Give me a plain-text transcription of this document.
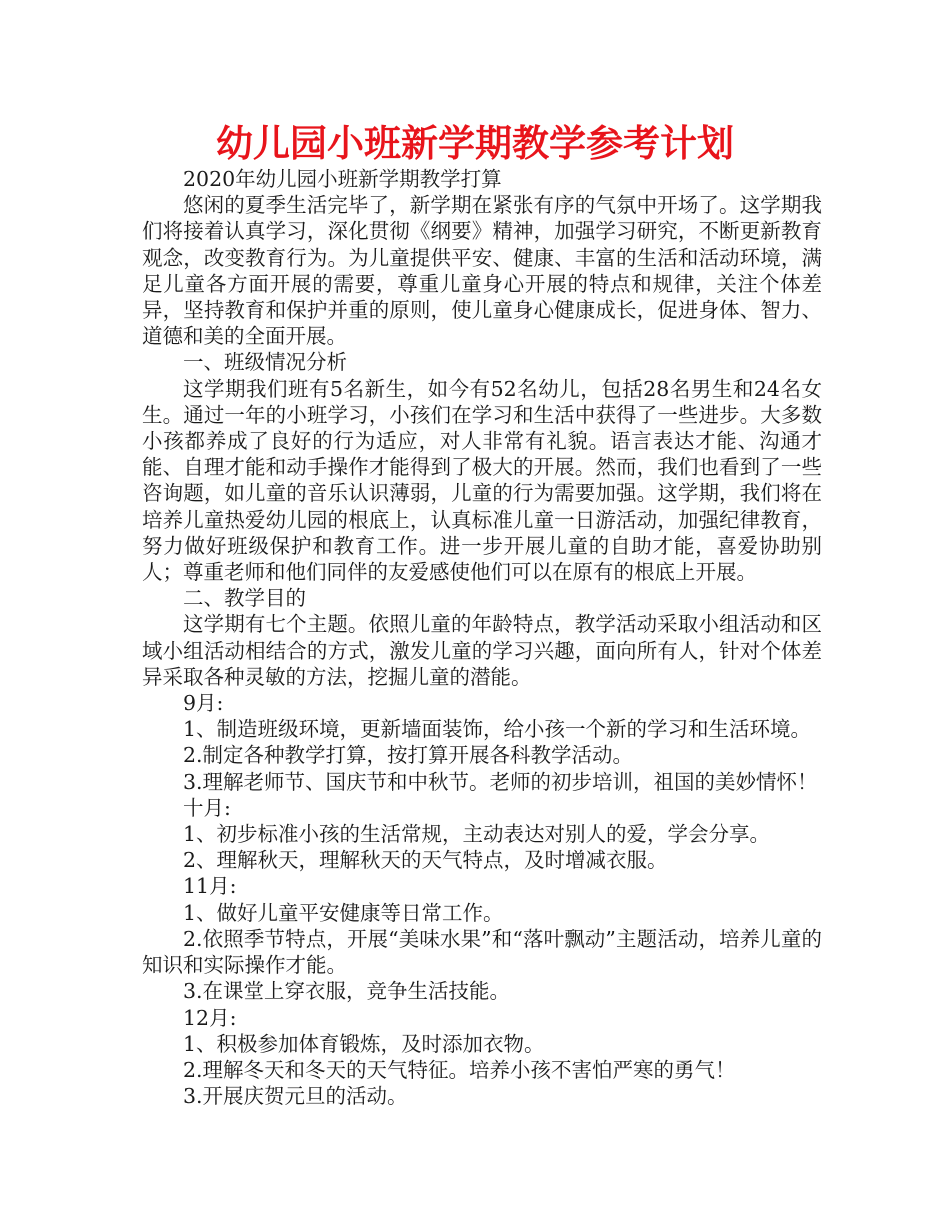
幼儿园小班新学期教学参考计划

2020年幼儿园小班新学期教学打算

悠闲的夏季生活完毕了，新学期在紧张有序的气氛中开场了。这学期我们将接着认真学习，深化贯彻《纲要》精神，加强学习研究，不断更新教育观念，改变教育行为。为儿童提供平安、健康、丰富的生活和活动环境，满足儿童各方面开展的需要，尊重儿童身心开展的特点和规律，关注个体差异，坚持教育和保护并重的原则，使儿童身心健康成长，促进身体、智力、道德和美的全面开展。

一、班级情况分析

这学期我们班有5名新生，如今有52名幼儿，包括28名男生和24名女生。通过一年的小班学习，小孩们在学习和生活中获得了一些进步。大多数小孩都养成了良好的行为适应，对人非常有礼貌。语言表达才能、沟通才能、自理才能和动手操作才能得到了极大的开展。然而，我们也看到了一些咨询题，如儿童的音乐认识薄弱，儿童的行为需要加强。这学期，我们将在培养儿童热爱幼儿园的根底上，认真标准儿童一日游活动，加强纪律教育，努力做好班级保护和教育工作。进一步开展儿童的自助才能，喜爱协助别人；尊重老师和他们同伴的友爱感使他们可以在原有的根底上开展。

二、教学目的

这学期有七个主题。依照儿童的年龄特点，教学活动采取小组活动和区域小组活动相结合的方式，激发儿童的学习兴趣，面向所有人，针对个体差异采取各种灵敏的方法，挖掘儿童的潜能。

9月:

1、制造班级环境，更新墙面装饰，给小孩一个新的学习和生活环境。

2.制定各种教学打算，按打算开展各科教学活动。

3.理解老师节、国庆节和中秋节。老师的初步培训，祖国的美妙情怀！

十月:

1、初步标准小孩的生活常规，主动表达对别人的爱，学会分享。

2、理解秋天，理解秋天的天气特点，及时增减衣服。

11月:

1、做好儿童平安健康等日常工作。

2.依照季节特点，开展“美味水果”和“落叶飘动”主题活动，培养儿童的知识和实际操作才能。

3.在课堂上穿衣服，竞争生活技能。

12月:

1、积极参加体育锻炼，及时添加衣物。

2.理解冬天和冬天的天气特征。培养小孩不害怕严寒的勇气！

3.开展庆贺元旦的活动。
